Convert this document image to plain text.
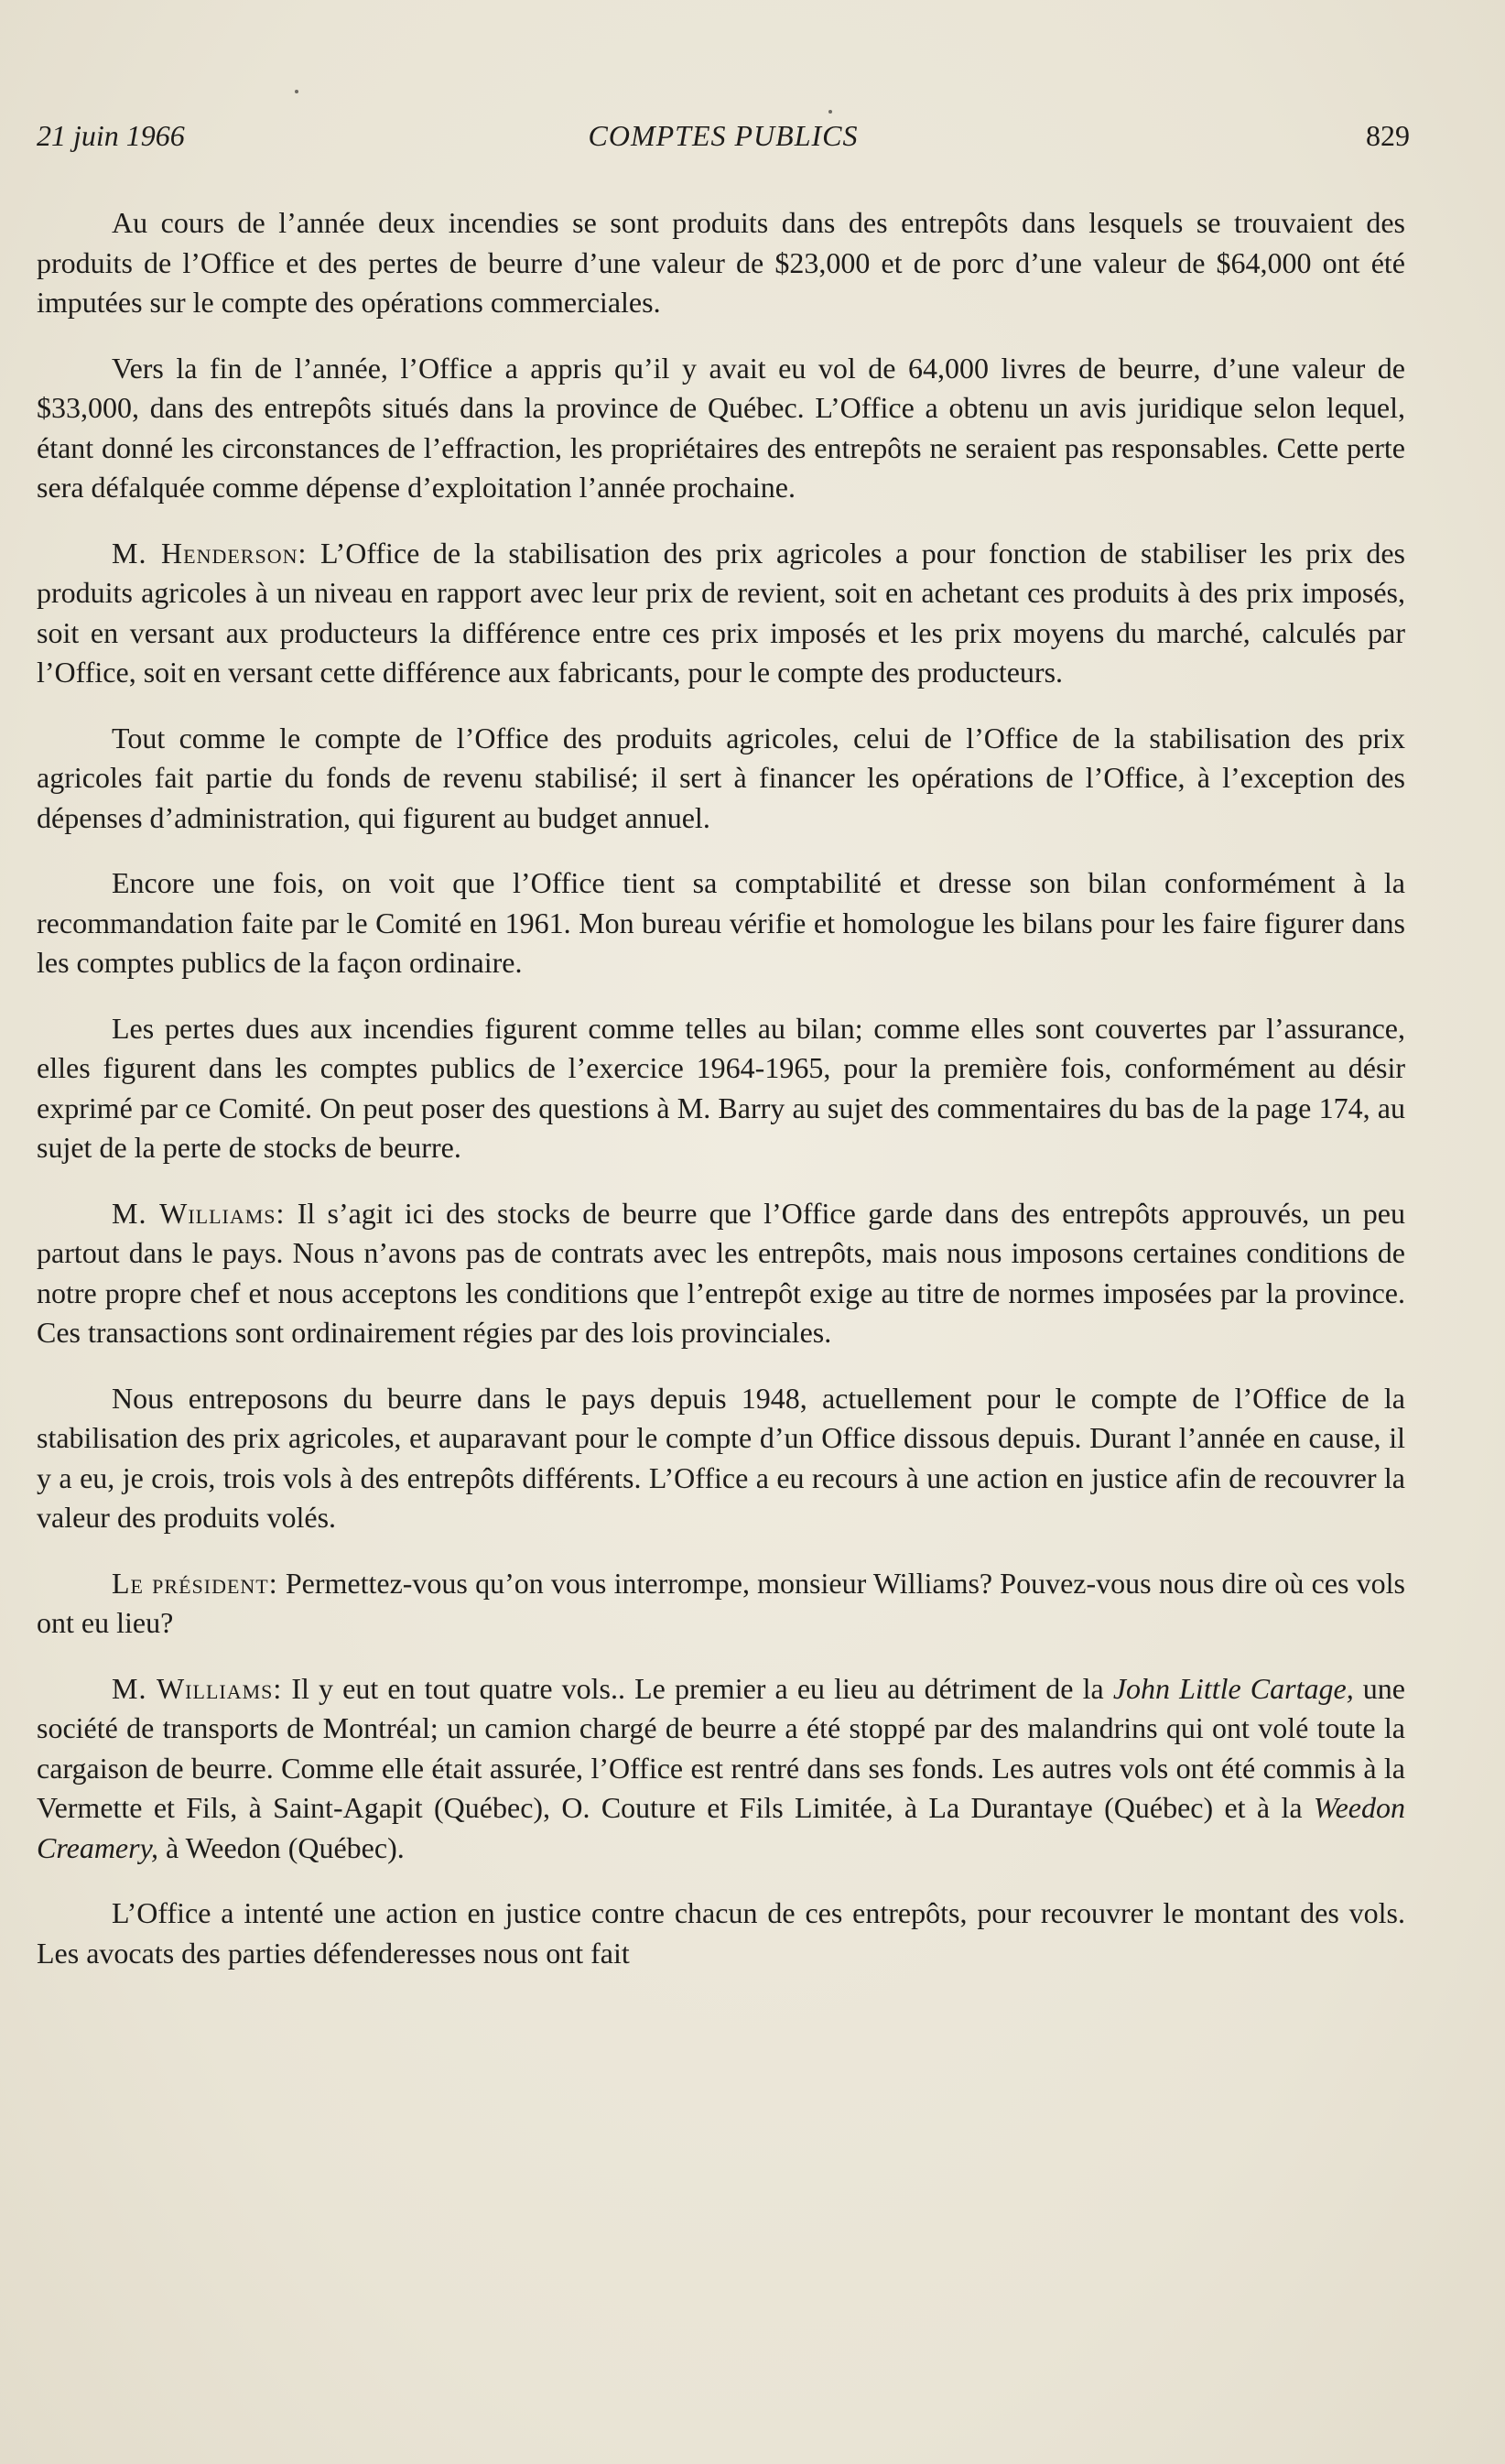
21 juin 1966	COMPTES PUBLICS	829

Au cours de l’année deux incendies se sont produits dans des entrepôts dans lesquels se trouvaient des produits de l’Office et des pertes de beurre d’une valeur de $23,000 et de porc d’une valeur de $64,000 ont été imputées sur le compte des opérations commerciales.

Vers la fin de l’année, l’Office a appris qu’il y avait eu vol de 64,000 livres de beurre, d’une valeur de $33,000, dans des entrepôts situés dans la province de Québec. L’Office a obtenu un avis juridique selon lequel, étant donné les circonstances de l’effraction, les propriétaires des entrepôts ne seraient pas responsables. Cette perte sera défalquée comme dépense d’exploitation l’année prochaine.

M. Henderson: L’Office de la stabilisation des prix agricoles a pour fonction de stabiliser les prix des produits agricoles à un niveau en rapport avec leur prix de revient, soit en achetant ces produits à des prix imposés, soit en versant aux producteurs la différence entre ces prix imposés et les prix moyens du marché, calculés par l’Office, soit en versant cette différence aux fabricants, pour le compte des producteurs.

Tout comme le compte de l’Office des produits agricoles, celui de l’Office de la stabilisation des prix agricoles fait partie du fonds de revenu stabilisé; il sert à financer les opérations de l’Office, à l’exception des dépenses d’administration, qui figurent au budget annuel.

Encore une fois, on voit que l’Office tient sa comptabilité et dresse son bilan conformément à la recommandation faite par le Comité en 1961. Mon bureau vérifie et homologue les bilans pour les faire figurer dans les comptes publics de la façon ordinaire.

Les pertes dues aux incendies figurent comme telles au bilan; comme elles sont couvertes par l’assurance, elles figurent dans les comptes publics de l’exercice 1964-1965, pour la première fois, conformément au désir exprimé par ce Comité. On peut poser des questions à M. Barry au sujet des commentaires du bas de la page 174, au sujet de la perte de stocks de beurre.

M. Williams: Il s’agit ici des stocks de beurre que l’Office garde dans des entrepôts approuvés, un peu partout dans le pays. Nous n’avons pas de contrats avec les entrepôts, mais nous imposons certaines conditions de notre propre chef et nous acceptons les conditions que l’entrepôt exige au titre de normes imposées par la province. Ces transactions sont ordinairement régies par des lois provinciales.

Nous entreposons du beurre dans le pays depuis 1948, actuellement pour le compte de l’Office de la stabilisation des prix agricoles, et auparavant pour le compte d’un Office dissous depuis. Durant l’année en cause, il y a eu, je crois, trois vols à des entrepôts différents. L’Office a eu recours à une action en justice afin de recouvrer la valeur des produits volés.

Le président: Permettez-vous qu’on vous interrompe, monsieur Williams? Pouvez-vous nous dire où ces vols ont eu lieu?

M. Williams: Il y eut en tout quatre vols.. Le premier a eu lieu au détriment de la John Little Cartage, une société de transports de Montréal; un camion chargé de beurre a été stoppé par des malandrins qui ont volé toute la cargaison de beurre. Comme elle était assurée, l’Office est rentré dans ses fonds. Les autres vols ont été commis à la Vermette et Fils, à Saint-Agapit (Québec), O. Couture et Fils Limitée, à La Durantaye (Québec) et à la Weedon Creamery, à Weedon (Québec).

L’Office a intenté une action en justice contre chacun de ces entrepôts, pour recouvrer le montant des vols. Les avocats des parties défenderesses nous ont fait
